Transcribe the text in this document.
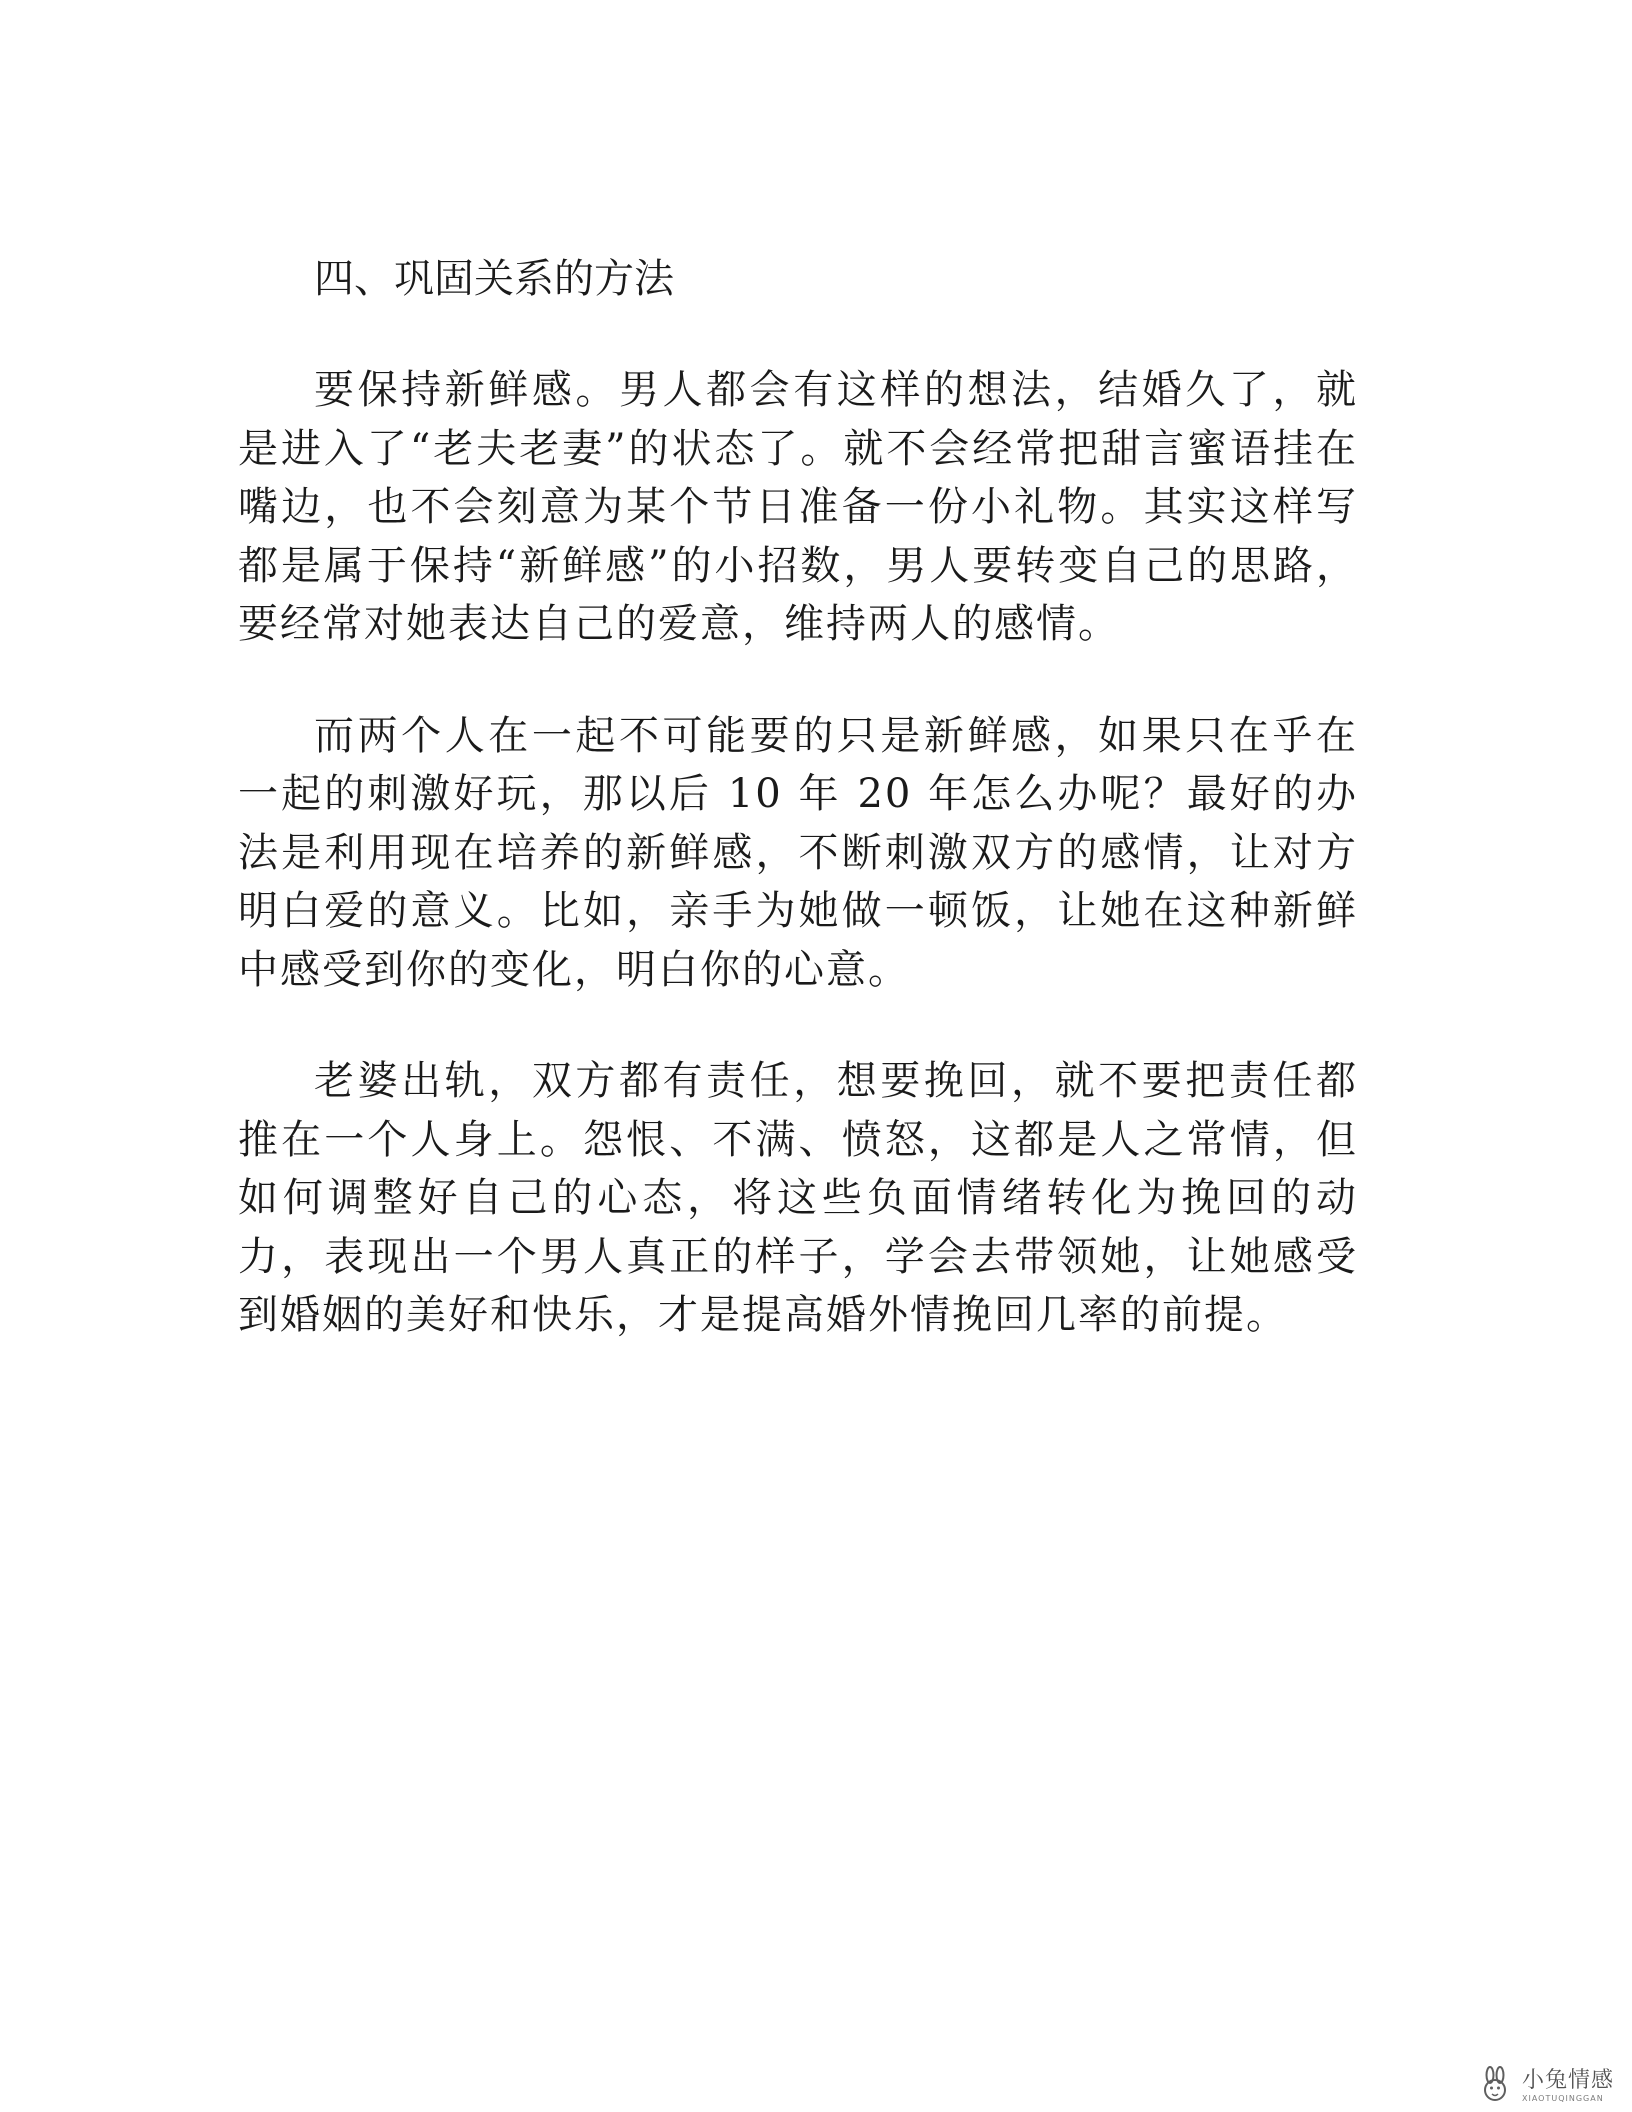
四、巩固关系的方法

要保持新鲜感。男人都会有这样的想法，结婚久了，就是进入了“老夫老妻”的状态了。就不会经常把甜言蜜语挂在嘴边，也不会刻意为某个节日准备一份小礼物。其实这样写都是属于保持“新鲜感”的小招数，男人要转变自己的思路，要经常对她表达自己的爱意，维持两人的感情。

而两个人在一起不可能要的只是新鲜感，如果只在乎在一起的刺激好玩，那以后 10 年 20 年怎么办呢？最好的办法是利用现在培养的新鲜感，不断刺激双方的感情，让对方明白爱的意义。比如，亲手为她做一顿饭，让她在这种新鲜中感受到你的变化，明白你的心意。

老婆出轨，双方都有责任，想要挽回，就不要把责任都推在一个人身上。怨恨、不满、愤怒，这都是人之常情，但如何调整好自己的心态，将这些负面情绪转化为挽回的动力，表现出一个男人真正的样子，学会去带领她，让她感受到婚姻的美好和快乐，才是提高婚外情挽回几率的前提。

小兔情感
XIAOTUQINGGAN
